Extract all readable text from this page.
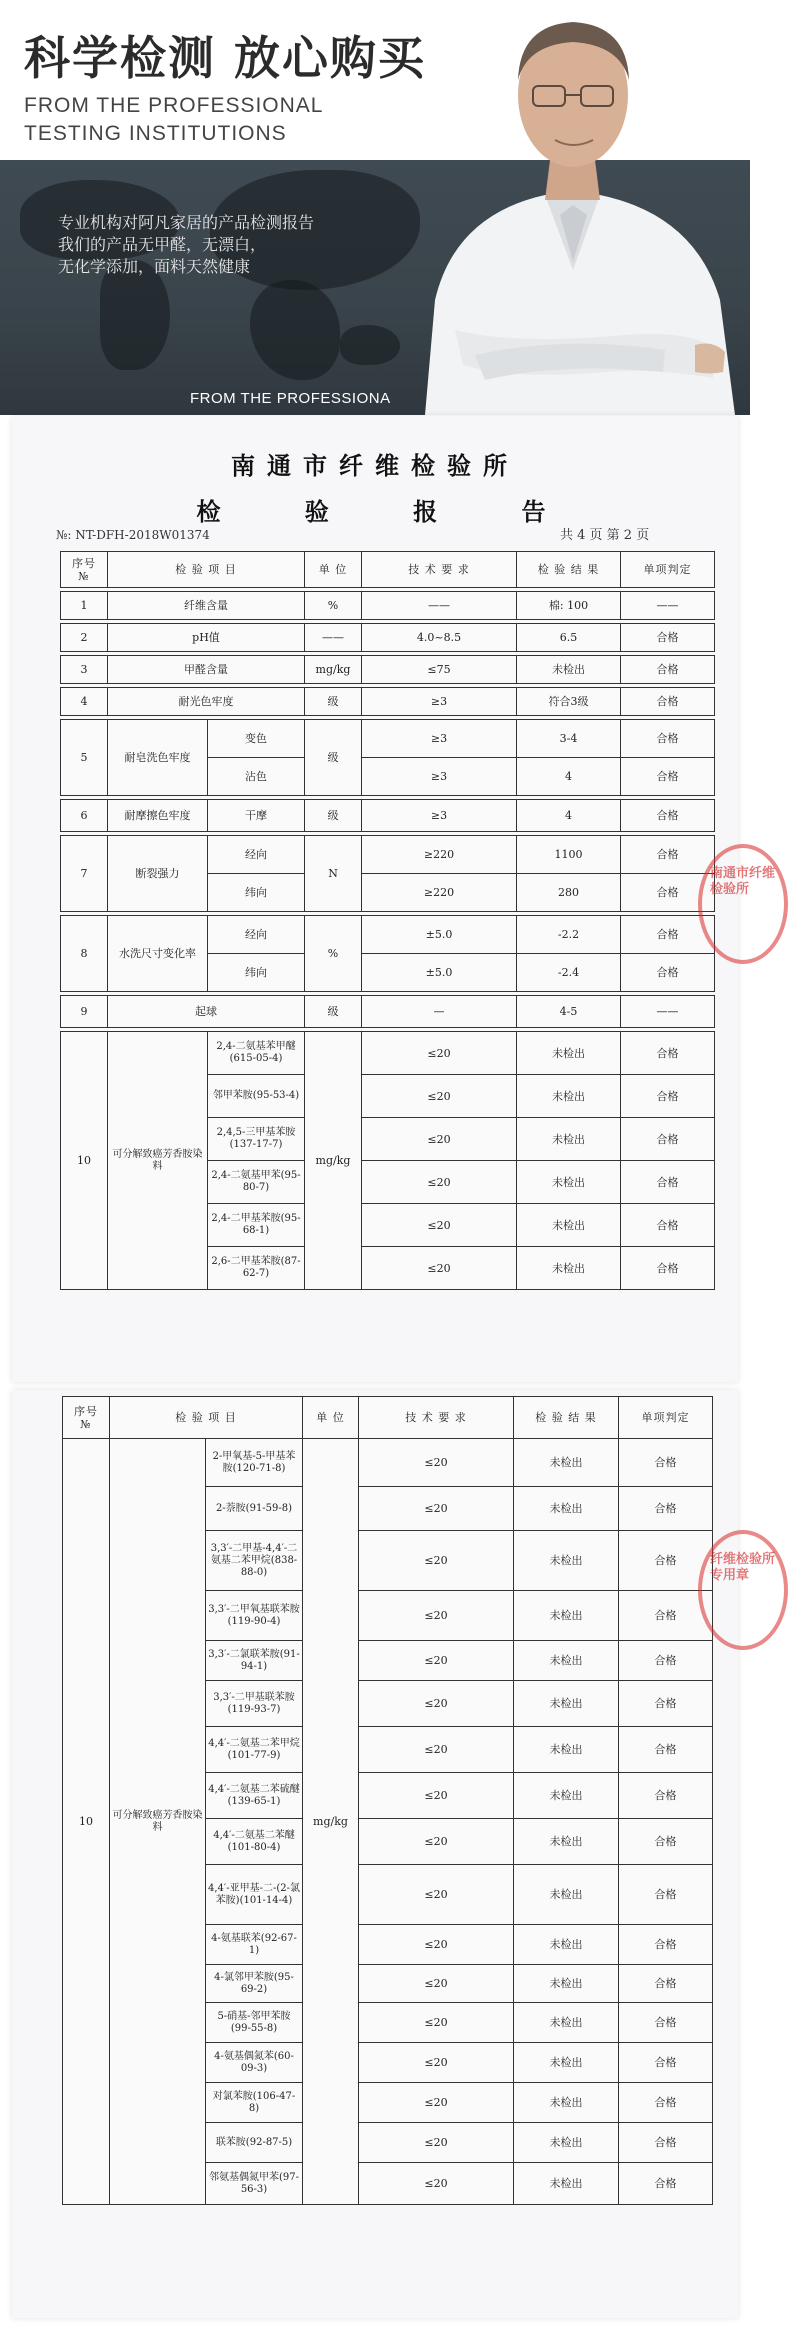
科学检测 放心购买
FROM THE PROFESSIONAL
TESTING INSTITUTIONS
专业机构对阿凡家居的产品检测报告
我们的产品无甲醛，无漂白，
无化学添加，面料天然健康
FROM THE PROFESSIONA
南通市纤维检验所
检 验 报 告
№: NT-DFH-2018W01374	共 4 页 第 2 页
序号
№	检 验 项 目		单 位	技 术 要 求	检 验 结 果	单项判定

1	纤维含量		%	——	棉: 100	——

2	pH值		——	4.0~8.5	6.5	合格

3	甲醛含量		mg/kg	≤75	未检出	合格

4	耐光色牢度		级	≥3	符合3级	合格

5	耐皂洗色牢度	变色	级	≥3	3-4	合格
		沾色		≥3	4	合格

6	耐摩擦色牢度	干摩	级	≥3	4	合格

7	断裂强力	经向	N	≥220	1100	合格
		纬向		≥220	280	合格

8	水洗尺寸变化率	经向	%	±5.0	-2.2	合格
		纬向		±5.0	-2.4	合格

9	起球		级	—	4-5	——

10	可分解致癌芳香胺染料	2,4-二氨基苯甲醚(615-05-4)	mg/kg	≤20	未检出	合格
		邻甲苯胺(95-53-4)		≤20	未检出	合格
		2,4,5-三甲基苯胺(137-17-7)		≤20	未检出	合格
		2,4-二氨基甲苯(95-80-7)		≤20	未检出	合格
		2,4-二甲基苯胺(95-68-1)		≤20	未检出	合格
		2,6-二甲基苯胺(87-62-7)		≤20	未检出	合格
南通市纤维检验所
序号
№	检 验 项 目		单 位	技 术 要 求	检 验 结 果	单项判定
10	可分解致癌芳香胺染料	2-甲氧基-5-甲基苯胺(120-71-8)	mg/kg	≤20	未检出	合格
		2-萘胺(91-59-8)		≤20	未检出	合格
		3,3′-二甲基-4,4′-二氨基二苯甲烷(838-88-0)		≤20	未检出	合格
		3,3′-二甲氧基联苯胺(119-90-4)		≤20	未检出	合格
		3,3′-二氯联苯胺(91-94-1)		≤20	未检出	合格
		3,3′-二甲基联苯胺(119-93-7)		≤20	未检出	合格
		4,4′-二氨基二苯甲烷(101-77-9)		≤20	未检出	合格
		4,4′-二氨基二苯硫醚(139-65-1)		≤20	未检出	合格
		4,4′-二氨基二苯醚(101-80-4)		≤20	未检出	合格
		4,4′-亚甲基-二-(2-氯苯胺)(101-14-4)		≤20	未检出	合格
		4-氨基联苯(92-67-1)		≤20	未检出	合格
		4-氯邻甲苯胺(95-69-2)		≤20	未检出	合格
		5-硝基-邻甲苯胺(99-55-8)		≤20	未检出	合格
		4-氨基偶氮苯(60-09-3)		≤20	未检出	合格
		对氯苯胺(106-47-8)		≤20	未检出	合格
		联苯胺(92-87-5)		≤20	未检出	合格
		邻氨基偶氮甲苯(97-56-3)		≤20	未检出	合格
纤维检验所专用章
